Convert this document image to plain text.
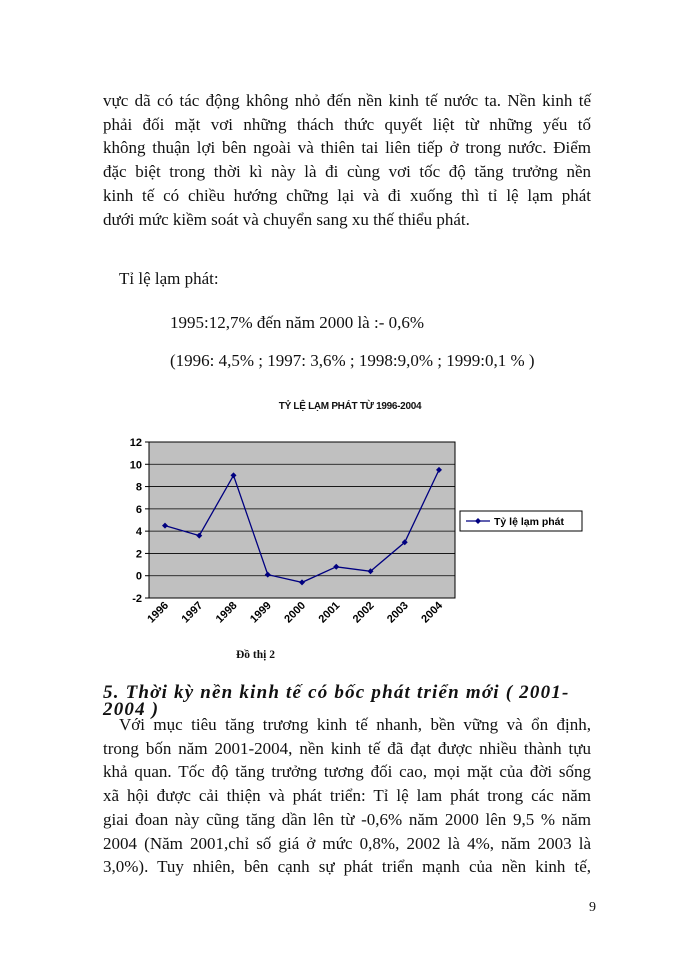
vực dã có tác động không nhỏ đến nền kinh tế nước ta. Nền kinh tế
phải đối mặt vơi những thách thức quyết liệt từ những yếu tố
không thuận lợi bên ngoài và thiên tai liên tiếp ở trong nước. Điểm
đặc biệt trong thời kì này là đi cùng vơi tốc độ tăng trưởng nền
kinh tế có chiều hướng chững lại và đi xuống thì tỉ lệ lạm phát
dưới mức kiềm soát và chuyển sang xu thế thiểu phát.
Tỉ lệ lạm phát:
1995:12,7% đến năm 2000 là :- 0,6%
(1996: 4,5% ; 1997: 3,6% ; 1998:9,0% ; 1999:0,1 % )
TỶ LỆ LẠM PHÁT TỪ 1996-2004
12
10
8
6
4
2
0
-2
1996 1997 1998 1999 2000 2001 2002 2003 2004
Tỷ lệ lạm phát
Đồ thị 2
5. Thời kỳ nền kinh tế có bốc phát triển mới ( 2001-
2004 )
Với mục tiêu tăng trương kinh tế nhanh, bền vững và ổn định,
trong bốn năm 2001-2004, nền kinh tế đã đạt được nhiều thành tựu
khả quan. Tốc độ tăng trưởng tương đối cao, mọi mặt của đời sống
xã hội được cải thiện và phát triển: Tỉ lệ lam phát trong các năm
giai đoan này cũng tăng dần lên từ -0,6% năm 2000 lên 9,5 % năm
2004 (Năm 2001,chỉ số giá ở mức 0,8%, 2002 là 4%, năm 2003 là
3,0%). Tuy nhiên, bên cạnh sự phát triển mạnh của nền kinh tế,
9
